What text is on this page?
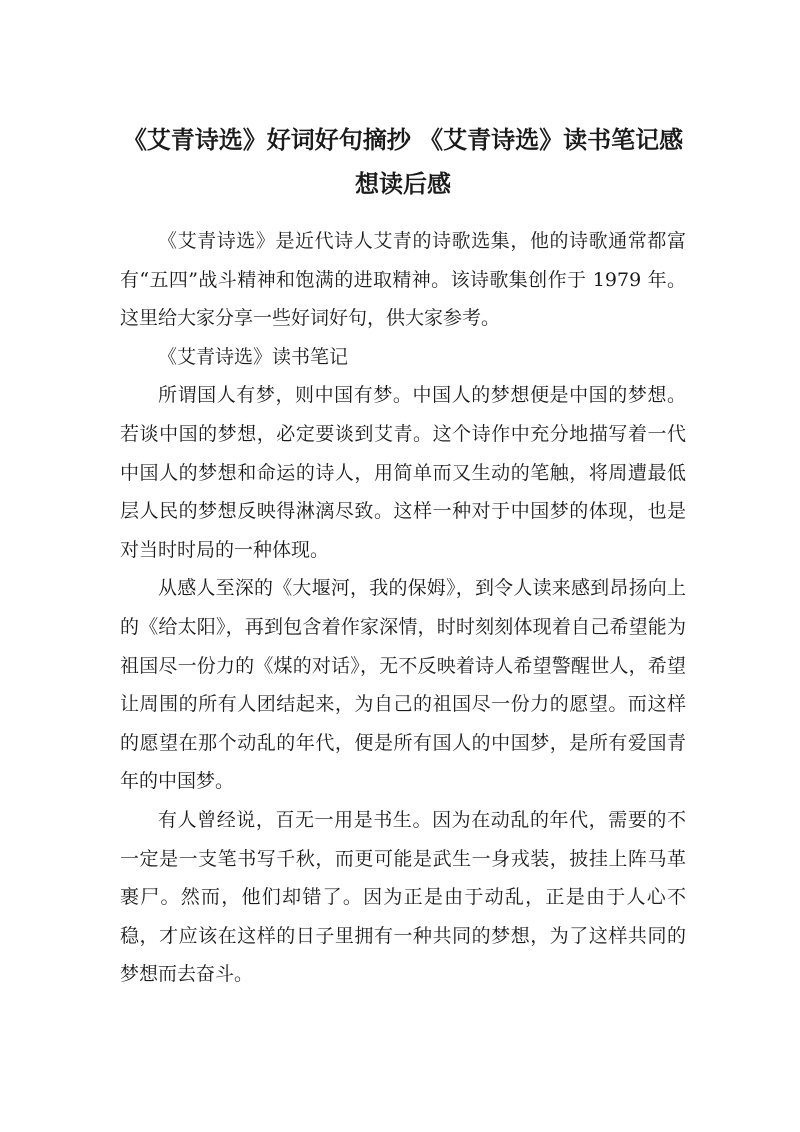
《艾青诗选》好词好句摘抄 《艾青诗选》读书笔记感想读后感

《艾青诗选》是近代诗人艾青的诗歌选集，他的诗歌通常都富有“五四”战斗精神和饱满的进取精神。该诗歌集创作于 1979 年。这里给大家分享一些好词好句，供大家参考。

《艾青诗选》读书笔记

所谓国人有梦，则中国有梦。中国人的梦想便是中国的梦想。若谈中国的梦想，必定要谈到艾青。这个诗作中充分地描写着一代中国人的梦想和命运的诗人，用简单而又生动的笔触，将周遭最低层人民的梦想反映得淋漓尽致。这样一种对于中国梦的体现，也是对当时时局的一种体现。

从感人至深的《大堰河，我的保姆》，到令人读来感到昂扬向上的《给太阳》，再到包含着作家深情，时时刻刻体现着自己希望能为祖国尽一份力的《煤的对话》，无不反映着诗人希望警醒世人，希望让周围的所有人团结起来，为自己的祖国尽一份力的愿望。而这样的愿望在那个动乱的年代，便是所有国人的中国梦，是所有爱国青年的中国梦。

有人曾经说，百无一用是书生。因为在动乱的年代，需要的不一定是一支笔书写千秋，而更可能是武生一身戎装，披挂上阵马革裹尸。然而，他们却错了。因为正是由于动乱，正是由于人心不稳，才应该在这样的日子里拥有一种共同的梦想，为了这样共同的梦想而去奋斗。
